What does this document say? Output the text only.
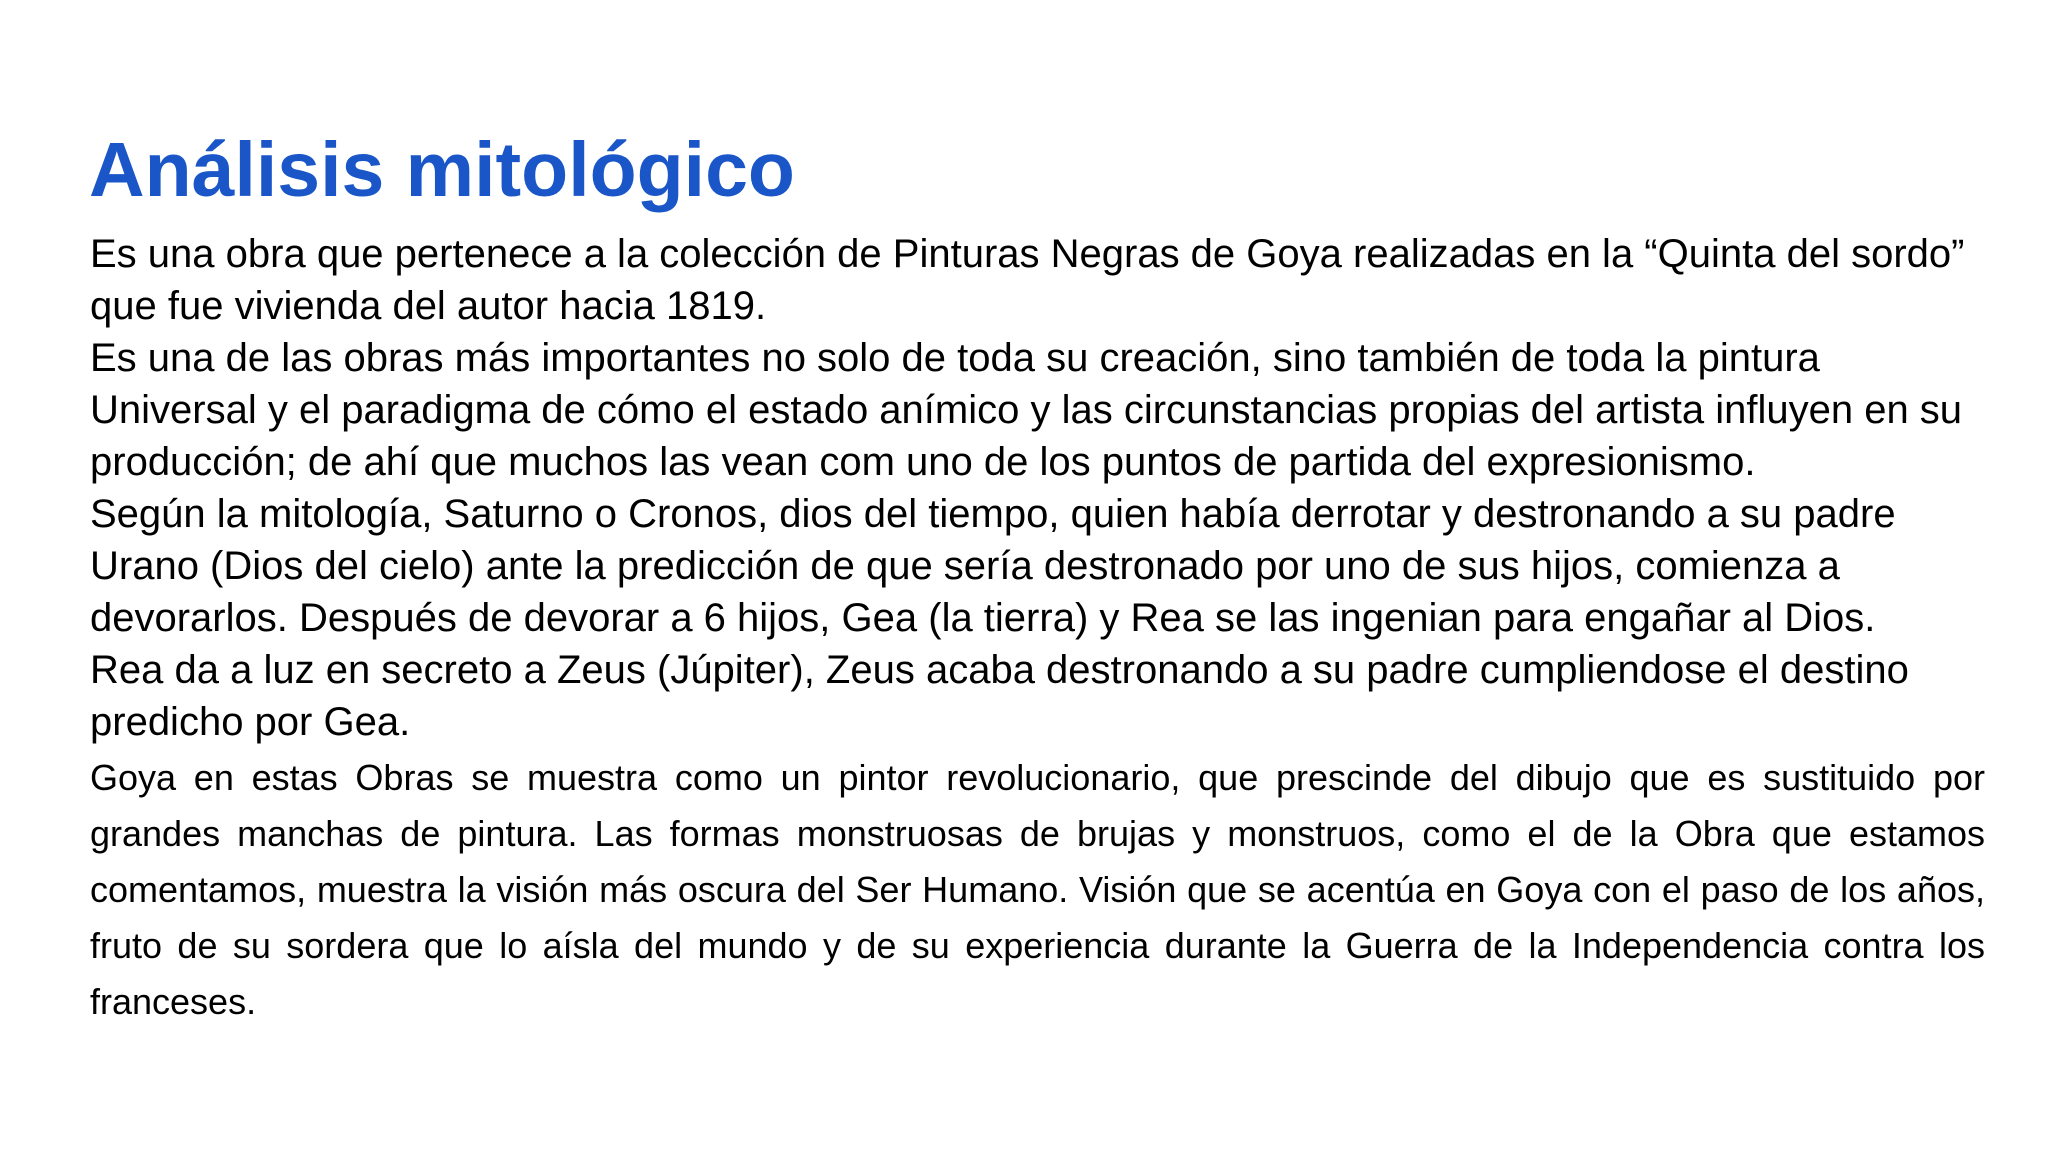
Análisis mitológico

Es una obra que pertenece a la colección de Pinturas Negras de Goya realizadas en la “Quinta del sordo” que fue vivienda del autor hacia 1819.

Es una de las obras más importantes no solo de toda su creación, sino también de toda la pintura Universal y el paradigma de cómo el estado anímico y las circunstancias propias del artista influyen en su producción; de ahí que muchos las vean com uno de los puntos de partida del expresionismo.

Según la mitología, Saturno o Cronos, dios del tiempo, quien había derrotar y destronando a su padre Urano (Dios del cielo) ante la predicción de que sería destronado por uno de sus hijos, comienza a devorarlos. Después de devorar a 6 hijos, Gea (la tierra) y Rea se las ingenian para engañar al Dios.

Rea da a luz en secreto a Zeus (Júpiter), Zeus acaba destronando a su padre cumpliendose el destino predicho por Gea.

Goya en estas Obras se muestra como un pintor revolucionario, que prescinde del dibujo que es sustituido por grandes manchas de pintura. Las formas monstruosas de brujas y monstruos, como el de la Obra que estamos comentamos, muestra la visión más oscura del Ser Humano. Visión que se acentúa en Goya con el paso de los años, fruto de su sordera que lo aísla del mundo y de su experiencia durante la Guerra de la Independencia contra los franceses.
